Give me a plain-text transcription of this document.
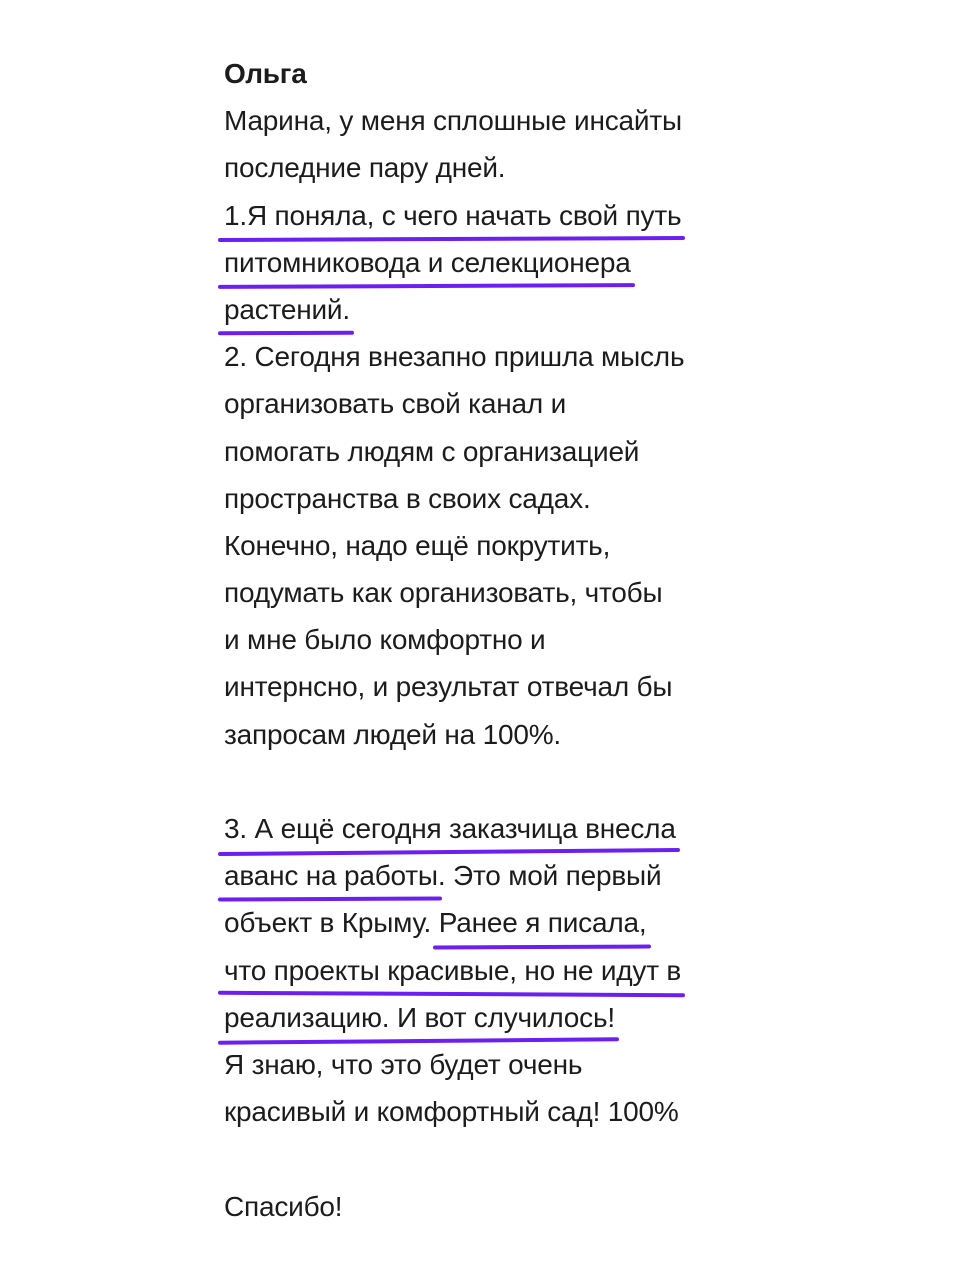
Ольга
Марина, у меня сплошные инсайты
последние пару дней.
1.Я поняла, с чего начать свой путь
питомниковода и селекционера
растений.
2. Сегодня внезапно пришла мысль
организовать свой канал и
помогать людям с организацией
пространства в своих садах.
Конечно, надо ещё покрутить,
подумать как организовать, чтобы
и мне было комфортно и
интернсно, и результат отвечал бы
запросам людей на 100%.
3. А ещё сегодня заказчица внесла
аванс на работы. Это мой первый
объект в Крыму. Ранее я писала,
что проекты красивые, но не идут в
реализацию. И вот случилось!
Я знаю, что это будет очень
красивый и комфортный сад! 100%
Спасибо!
